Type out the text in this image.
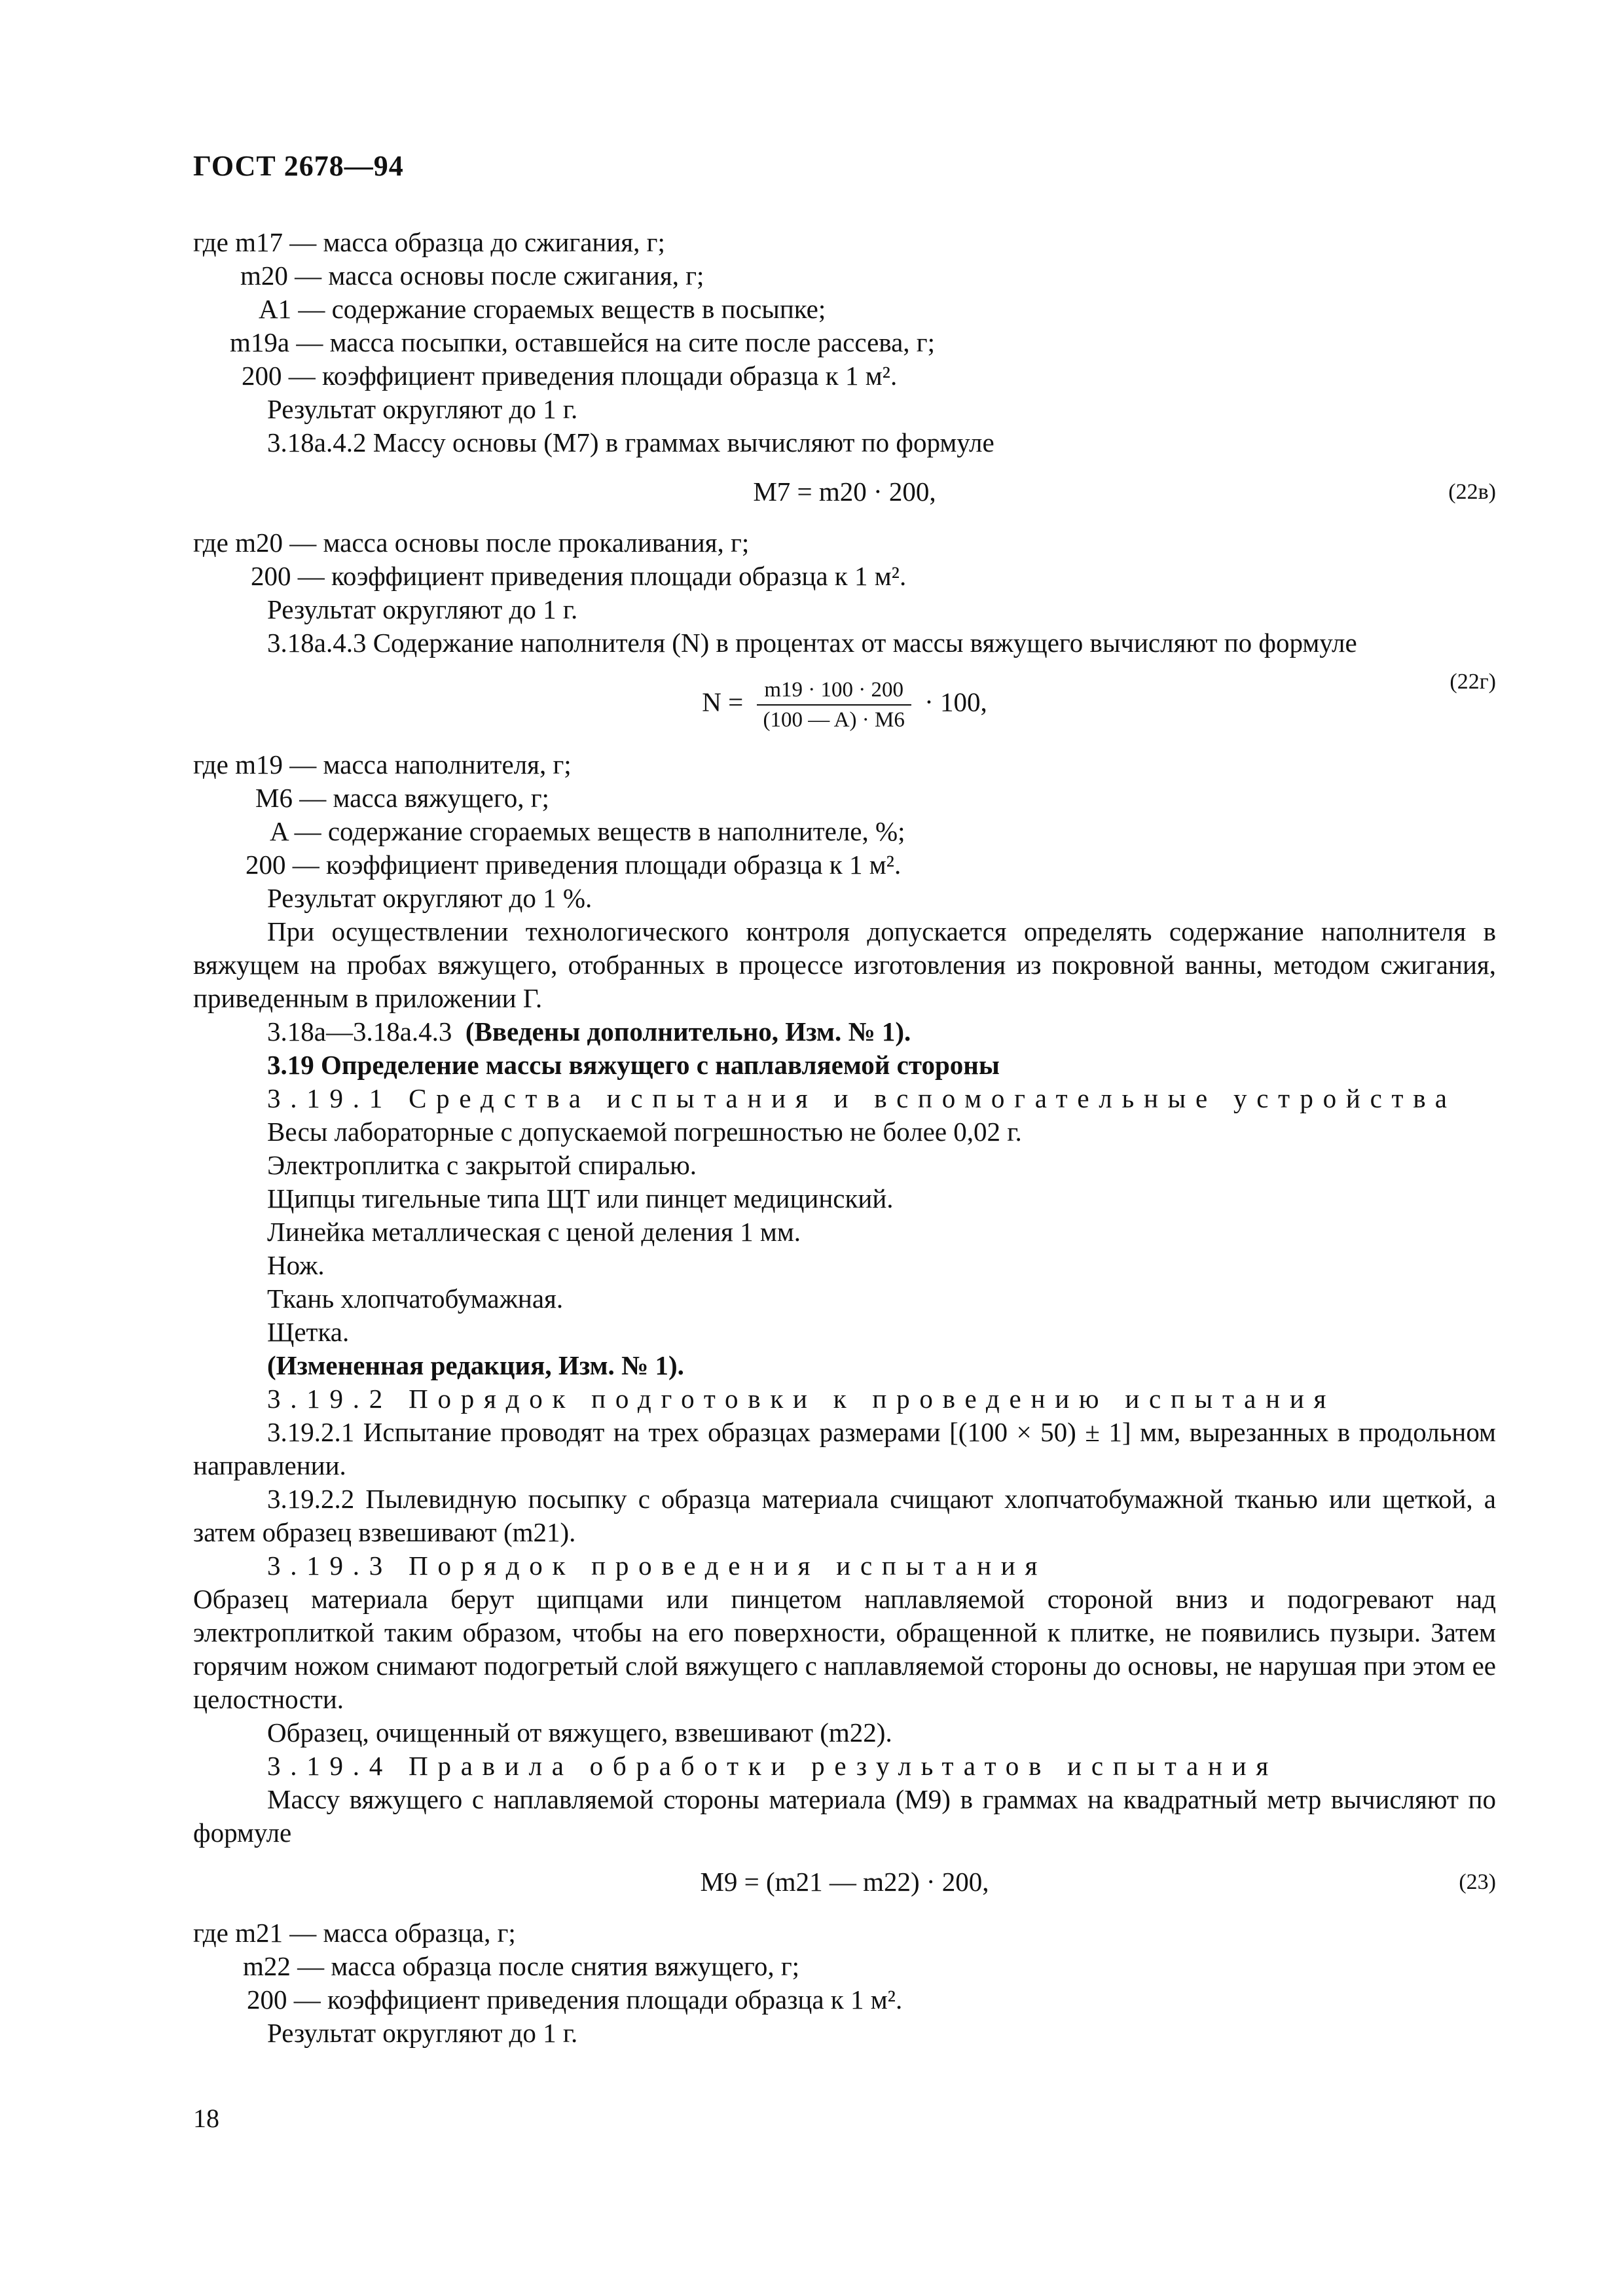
ГОСТ 2678—94
где m17 — масса образца до сжигания, г;
m20 — масса основы после сжигания, г;
A1 — содержание сгораемых веществ в посыпке;
m19a — масса посыпки, оставшейся на сите после рассева, г;
200 — коэффициент приведения площади образца к 1 м².
Результат округляют до 1 г.
3.18а.4.2 Массу основы (M7) в граммах вычисляют по формуле
M7 = m20 · 200,	(22в)
где m20 — масса основы после прокаливания, г;
200 — коэффициент приведения площади образца к 1 м².
Результат округляют до 1 г.
3.18а.4.3 Содержание наполнителя (N) в процентах от массы вяжущего вычисляют по формуле
$N = \frac{m19 \cdot 100 \cdot 200}{(100 — A) \cdot M6} \cdot 100$,
(22г)
где m19 — масса наполнителя, г;
M6 — масса вяжущего, г;
A — содержание сгораемых веществ в наполнителе, %;
200 — коэффициент приведения площади образца к 1 м².
Результат округляют до 1 %.
При осуществлении технологического контроля допускается определять содержание наполнителя в вяжущем на пробах вяжущего, отобранных в процессе изготовления из покровной ванны, методом сжигания, приведенным в приложении Г.
3.18а—3.18а.4.3 (Введены дополнительно, Изм. № 1).
3.19 Определение массы вяжущего с наплавляемой стороны
3.19.1 Средства испытания и вспомогательные устройства
Весы лабораторные с допускаемой погрешностью не более 0,02 г.
Электроплитка с закрытой спиралью.
Щипцы тигельные типа ЩТ или пинцет медицинский.
Линейка металлическая с ценой деления 1 мм.
Нож.
Ткань хлопчатобумажная.
Щетка.
(Измененная редакция, Изм. № 1).
3.19.2 Порядок подготовки к проведению испытания
3.19.2.1 Испытание проводят на трех образцах размерами [(100 × 50) ± 1] мм, вырезанных в продольном направлении.
3.19.2.2 Пылевидную посыпку с образца материала счищают хлопчатобумажной тканью или щеткой, а затем образец взвешивают (m21).
3.19.3 Порядок проведения испытания
Образец материала берут щипцами или пинцетом наплавляемой стороной вниз и подогревают над электроплиткой таким образом, чтобы на его поверхности, обращенной к плитке, не появились пузыри. Затем горячим ножом снимают подогретый слой вяжущего с наплавляемой стороны до основы, не нарушая при этом ее целостности.
Образец, очищенный от вяжущего, взвешивают (m22).
3.19.4 Правила обработки результатов испытания
Массу вяжущего с наплавляемой стороны материала (M9) в граммах на квадратный метр вычисляют по формуле
M9 = (m21 — m22) · 200,	(23)
где m21 — масса образца, г;
m22 — масса образца после снятия вяжущего, г;
200 — коэффициент приведения площади образца к 1 м².
Результат округляют до 1 г.
18
